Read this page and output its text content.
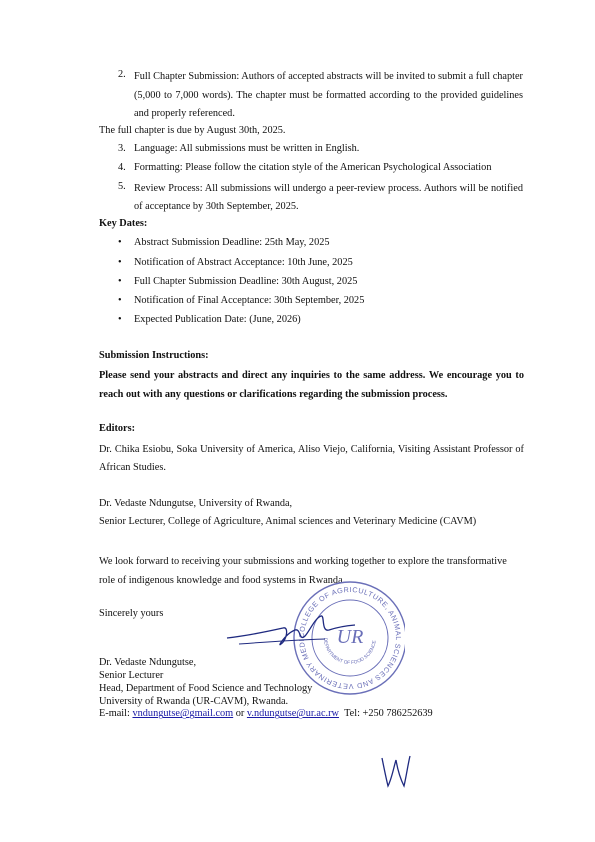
2. Full Chapter Submission: Authors of accepted abstracts will be invited to submit a full chapter (5,000 to 7,000 words). The chapter must be formatted according to the provided guidelines and properly referenced.
The full chapter is due by August 30th, 2025.
3. Language: All submissions must be written in English.
4. Formatting: Please follow the citation style of the American Psychological Association
5. Review Process: All submissions will undergo a peer-review process. Authors will be notified of acceptance by 30th September, 2025.
Key Dates:
• Abstract Submission Deadline: 25th May, 2025
• Notification of Abstract Acceptance: 10th June, 2025
• Full Chapter Submission Deadline: 30th August, 2025
• Notification of Final Acceptance: 30th September, 2025
• Expected Publication Date: (June, 2026)
Submission Instructions:
Please send your abstracts and direct any inquiries to the same address. We encourage you to reach out with any questions or clarifications regarding the submission process.
Editors:
Dr. Chika Esiobu, Soka University of America, Aliso Viejo, California, Visiting Assistant Professor of African Studies.
Dr. Vedaste Ndungutse, University of Rwanda,
Senior Lecturer, College of Agriculture, Animal sciences and Veterinary Medicine (CAVM)
We look forward to receiving your submissions and working together to explore the transformative role of indigenous knowledge and food systems in Rwanda.
Sincerely yours
COLLEGE OF AGRICULTURE, ANIMAL SCIENCES AND VETERINARY MEDI	DEPARTMENT OF FOOD SCIENCE
UR
Dr. Vedaste Ndungutse,
Senior Lecturer
Head, Department of Food Science and Technology
University of Rwanda (UR-CAVM), Rwanda.
E-mail: vndungutse@gmail.com or v.ndungutse@ur.ac.rw Tel: +250 786252639
